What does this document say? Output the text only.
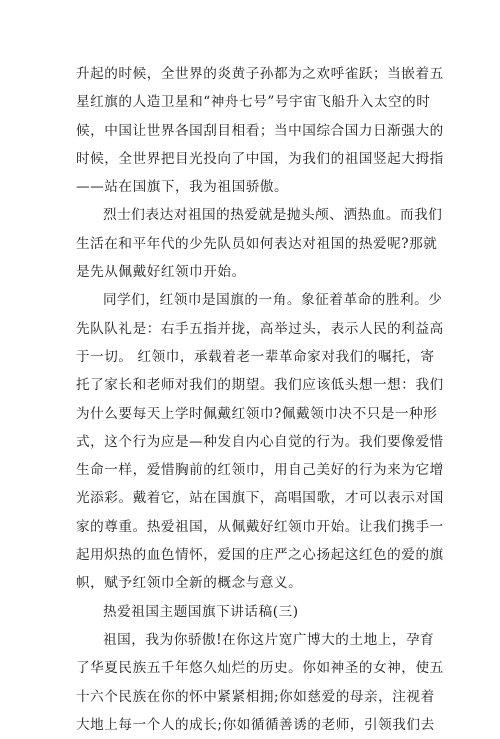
升起的时候，全世界的炎黄子孙都为之欢呼雀跃；当嵌着五
星红旗的人造卫星和“神舟七号”号宇宙飞船升入太空的时
候，中国让世界各国刮目相看；当中国综合国力日渐强大的
时候，全世界把目光投向了中国，为我们的祖国竖起大拇指
——站在国旗下，我为祖国骄傲。
烈士们表达对祖国的热爱就是抛头颅、洒热血。而我们
生活在和平年代的少先队员如何表达对祖国的热爱呢?那就
是先从佩戴好红领巾开始。
同学们，红领巾是国旗的一角。象征着革命的胜利。少
先队队礼是：右手五指并拢，高举过头，表示人民的利益高
于一切。 红领巾，承载着老一辈革命家对我们的嘱托，寄
托了家长和老师对我们的期望。我们应该低头想一想：我们
为什么要每天上学时佩戴红领巾?佩戴领巾决不只是一种形
式，这个行为应是—种发自内心自觉的行为。我们要像爱惜
生命一样，爱惜胸前的红领巾，用自己美好的行为来为它增
光添彩。戴着它，站在国旗下，高唱国歌，才可以表示对国
家的尊重。热爱祖国，从佩戴好红领巾开始。让我们携手一
起用炽热的血色情怀，爱国的庄严之心扬起这红色的爱的旗
帜，赋予红领巾全新的概念与意义。
热爱祖国主题国旗下讲话稿(三)
祖国，我为你骄傲!在你这片宽广博大的土地上，孕育
了华夏民族五千年悠久灿烂的历史。你如神圣的女神，使五
十六个民族在你的怀中紧紧相拥;你如慈爱的母亲，注视着
大地上每一个人的成长;你如循循善诱的老师，引领我们去
